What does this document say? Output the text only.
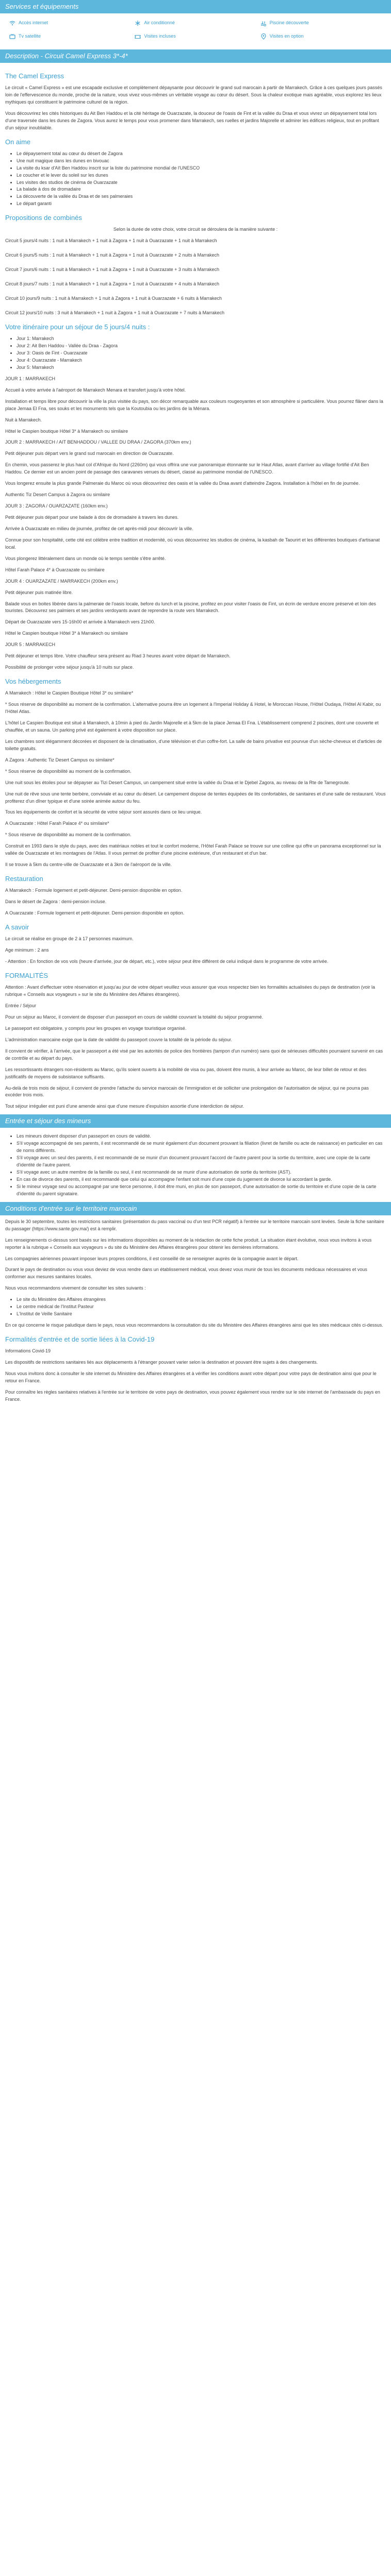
Services et équipements
Accès internet	Air conditionné	Piscine découverte
Tv satellite	Visites incluses	Visites en option
Description - Circuit Camel Express 3*-4*
The Camel Express

Le circuit « Camel Express » est une escapade exclusive et complètement dépaysante pour découvrir le grand sud marocain à partir de Marrakech. Grâce à ces quelques jours passés loin de l'effervescence du monde, proche de la nature, vous vivez vous-mêmes un véritable voyage au cœur du désert. Sous la chaleur exotique mais agréable, vous explorez les lieux mythiques qui constituent le patrimoine culturel de la région.

Vous découvrirez les cités historiques du Ait Ben Haddou et la cité héritage de Ouarzazate, la douceur de l'oasis de Fint et la vallée du Draa et vous vivrez un dépaysement total lors d'une traversée dans les dunes de Zagora. Vous aurez le temps pour vous promener dans Marrakech, ses ruelles et jardins Majorelle et admirer les édifices religieux, tout en profitant d'un séjour inoubliable.

On aime
• Le dépaysement total au cœur du désert de Zagora
• Une nuit magique dans les dunes en bivouac
• La visite du ksar d'Aït Ben Haddou inscrit sur la liste du patrimoine mondial de l'UNESCO
• Le coucher et le lever du soleil sur les dunes
• Les visites des studios de cinéma de Ouarzazate
• La balade à dos de dromadaire
• La découverte de la vallée du Draa et de ses palmeraies
• Le départ garanti
Propositions de combinés

Selon la durée de votre choix, votre circuit se déroulera de la manière suivante :

Circuit 5 jours/4 nuits : 1 nuit à Marrakech + 1 nuit à Zagora + 1 nuit à Ouarzazate + 1 nuit à Marrakech

Circuit 6 jours/5 nuits : 1 nuit à Marrakech + 1 nuit à Zagora + 1 nuit à Ouarzazate + 2 nuits à Marrakech

Circuit 7 jours/6 nuits : 1 nuit à Marrakech + 1 nuit à Zagora + 1 nuit à Ouarzazate + 3 nuits à Marrakech

Circuit 8 jours/7 nuits : 1 nuit à Marrakech + 1 nuit à Zagora + 1 nuit à Ouarzazate + 4 nuits à Marrakech

Circuit 10 jours/9 nuits : 1 nuit à Marrakech + 1 nuit à Zagora + 1 nuit à Ouarzazate + 6 nuits à Marrakech

Circuit 12 jours/10 nuits : 3 nuit à Marrakech + 1 nuit à Zagora + 1 nuit à Ouarzazate + 7 nuits à Marrakech

Votre itinéraire pour un séjour de 5 jours/4 nuits :
• Jour 1: Marrakech
• Jour 2: Ait Ben Haddou - Vallée du Draa - Zagora
• Jour 3: Oasis de Fint - Ouarzazate
• Jour 4: Ouarzazate - Marrakech
• Jour 5: Marrakech

JOUR 1 : MARRAKECH

Accueil à votre arrivée à l'aéroport de Marrakech Menara et transfert jusqu'à votre hôtel.

Installation et temps libre pour découvrir la ville la plus visitée du pays, son décor remarquable aux couleurs rougeoyantes et son atmosphère si particulière. Vous pourrez flâner dans la place Jemaa El Fna, ses souks et les monuments tels que la Koutoubia ou les jardins de la Ménara.

Nuit à Marrakech.

Hôtel le Caspien boutique Hôtel 3* à Marrakech ou similaire

JOUR 2 : MARRAKECH / AIT BENHADDOU / VALLEE DU DRAA / ZAGORA (370km env.)

Petit déjeuner puis départ vers le grand sud marocain en direction de Ouarzazate.

En chemin, vous passerez le plus haut col d'Afrique du Nord (2260m) qui vous offrira une vue panoramique étonnante sur le Haut Atlas, avant d'arriver au village fortifié d'Ait Ben Haddou. Ce dernier est un ancien point de passage des caravanes venues du désert, classé au patrimoine mondial de l'UNESCO.

Vous longerez ensuite la plus grande Palmeraie du Maroc où vous découvrirez des oasis et la vallée du Draa avant d'atteindre Zagora. Installation à l'hôtel en fin de journée.

Authentic Tiz Desert Campus à Zagora ou similaire

JOUR 3 : ZAGORA / OUARZAZATE (160km env.)

Petit déjeuner puis départ pour une balade à dos de dromadaire à travers les dunes.

Arrivée à Ouarzazate en milieu de journée, profitez de cet après-midi pour découvrir la ville.

Connue pour son hospitalité, cette cité est célèbre entre tradition et modernité, où vous découvrirez les studios de cinéma, la kasbah de Taourirt et les différentes boutiques d'artisanat local.

Vous plongerez littéralement dans un monde où le temps semble s'être arrêté.

Hôtel Farah Palace 4* à Ouarzazate ou similaire

JOUR 4 : OUARZAZATE / MARRAKECH (200km env.)

Petit déjeuner puis matinée libre.

Balade vous en boites libérée dans la palmeraie de l'oasis locale, before du lunch et la piscine, profitez en pour visiter l'oasis de Fint, un écrin de verdure encore préservé et loin des touristes. Découvrez ses palmiers et ses jardins verdoyants avant de reprendre la route vers Marrakech.

Départ de Ouarzazate vers 15-16h00 et arrivée à Marrakech vers 21h00.

Hôtel le Caspien boutique Hôtel 3* à Marrakech ou similaire

JOUR 5 : MARRAKECH

Petit déjeuner et temps libre. Votre chauffeur sera présent au Riad 3 heures avant votre départ de Marrakech.

Possibilité de prolonger votre séjour jusqu'à 10 nuits sur place.

Vos hébergements

A Marrakech : Hôtel le Caspien Boutique Hôtel 3* ou similaire*

* Sous réserve de disponibilité au moment de la confirmation. L'alternative pourra être un logement à l'Imperial Holiday & Hotel, le Moroccan House, l'Hôtel Oudaya, l'Hôtel Al Kabir, ou l'Hôtel Atlas.

L'hôtel Le Caspien Boutique est situé à Marrakech, à 10min à pied du Jardin Majorelle et à 5km de la place Jemaa El Fna. L'établissement comprend 2 piscines, dont une couverte et chauffée, et un sauna. Un parking privé est également à votre disposition sur place.

Les chambres sont élégamment décorées et disposent de la climatisation, d'une télévision et d'un coffre-fort. La salle de bains privative est pourvue d'un sèche-cheveux et d'articles de toilette gratuits.

A Zagora : Authentic Tiz Desert Campus ou similaire*

* Sous réserve de disponibilité au moment de la confirmation.

Une nuit sous les étoiles pour se dépayser au Tizi Desert Campus, un campement situé entre la vallée du Draa et le Djebel Zagora, au niveau de la Rte de Tamegroute.

Une nuit de rêve sous une tente berbère, conviviale et au cœur du désert. Le campement dispose de tentes équipées de lits confortables, de sanitaires et d'une salle de restaurant. Vous profiterez d'un dîner typique et d'une soirée animée autour du feu.

Tous les équipements de confort et la sécurité de votre séjour sont assurés dans ce lieu unique.

A Ouarzazate : Hôtel Farah Palace 4* ou similaire*

* Sous réserve de disponibilité au moment de la confirmation.

Construit en 1993 dans le style du pays, avec des matériaux nobles et tout le confort moderne, l'Hôtel Farah Palace se trouve sur une colline qui offre un panorama exceptionnel sur la vallée de Ouarzazate et les montagnes de l'Atlas. Il vous permet de profiter d'une piscine extérieure, d'un restaurant et d'un bar.

Il se trouve à 5km du centre-ville de Ouarzazate et à 3km de l'aéroport de la ville.

Restauration

A Marrakech : Formule logement et petit-déjeuner. Demi-pension disponible en option.

Dans le désert de Zagora : demi-pension incluse.

A Ouarzazate : Formule logement et petit-déjeuner. Demi-pension disponible en option.

A savoir

Le circuit se réalise en groupe de 2 à 17 personnes maximum.

Age minimum : 2 ans

- Attention : En fonction de vos vols (heure d'arrivée, jour de départ, etc.), votre séjour peut être différent de celui indiqué dans le programme de votre arrivée.

FORMALITÉS

Attention : Avant d'effectuer votre réservation et jusqu'au jour de votre départ veuillez vous assurer que vous respectez bien les formalités actualisées du pays de destination (voir la rubrique « Conseils aux voyageurs » sur le site du Ministère des Affaires étrangères).

Entrée / Séjour

Pour un séjour au Maroc, il convient de disposer d'un passeport en cours de validité couvrant la totalité du séjour programmé.

Le passeport est obligatoire, y compris pour les groupes en voyage touristique organisé.

L'administration marocaine exige que la date de validité du passeport couvre la totalité de la période du séjour.

Il convient de vérifier, à l'arrivée, que le passeport a été visé par les autorités de police des frontières (tampon d'un numéro) sans quoi de sérieuses difficultés pourraient survenir en cas de contrôle et au départ du pays.

Les ressortissants étrangers non-résidents au Maroc, qu'ils soient ouverts à la mobilité de visa ou pas, doivent être munis, à leur arrivée au Maroc, de leur billet de retour et des justificatifs de moyens de subsistance suffisants.

Au-delà de trois mois de séjour, il convient de prendre l'attache du service marocain de l'immigration et de solliciter une prolongation de l'autorisation de séjour, qui ne pourra pas excéder trois mois.

Tout séjour irrégulier est puni d'une amende ainsi que d'une mesure d'expulsion assortie d'une interdiction de séjour.

Entrée et séjour des mineurs
• Les mineurs doivent disposer d'un passeport en cours de validité.
• S'il voyage accompagné de ses parents, il est recommandé de se munir également d'un document prouvant la filiation (livret de famille ou acte de naissance) en particulier en cas de noms différents.
• S'il voyage avec un seul des parents, il est recommandé de se munir d'un document prouvant l'accord de l'autre parent pour la sortie du territoire, avec une copie de la carte d'identité de l'autre parent.
• S'il voyage avec un autre membre de la famille ou seul, il est recommandé de se munir d'une autorisation de sortie du territoire (AST).
• En cas de divorce des parents, il est recommandé que celui qui accompagne l'enfant soit muni d'une copie du jugement de divorce lui accordant la garde.
• Si le mineur voyage seul ou accompagné par une tierce personne, il doit être muni, en plus de son passeport, d'une autorisation de sortie du territoire et d'une copie de la carte d'identité du parent signataire.
Conditions d'entrée sur le territoire marocain

Depuis le 30 septembre, toutes les restrictions sanitaires (présentation du pass vaccinal ou d'un test PCR négatif) à l'entrée sur le territoire marocain sont levées. Seule la fiche sanitaire du passager (https://www.sante.gov.ma/) est à remplir.

Les renseignements ci-dessus sont basés sur les informations disponibles au moment de la rédaction de cette fiche produit. La situation étant évolutive, nous vous invitons à vous reporter à la rubrique « Conseils aux voyageurs » du site du Ministère des Affaires étrangères pour obtenir les dernières informations.

Les compagnies aériennes pouvant imposer leurs propres conditions, il est conseillé de se renseigner auprès de la compagnie avant le départ.

Durant le pays de destination ou vous vous deviez de vous rendre dans un établissement médical, vous devez vous munir de tous les documents médicaux nécessaires et vous conformer aux mesures sanitaires locales.

Nous vous recommandons vivement de consulter les sites suivants :

• Le site du Ministère des Affaires étrangères
• Le centre médical de l'Institut Pasteur
• L'Institut de Veille Sanitaire

En ce qui concerne le risque paludique dans le pays, nous vous recommandons la consultation du site du Ministère des Affaires étrangères ainsi que les sites médicaux cités ci-dessus.

Formalités d'entrée et de sortie liées à la Covid-19

Informations Covid-19

Les dispositifs de restrictions sanitaires liés aux déplacements à l'étranger pouvant varier selon la destination et pouvant être sujets à des changements.

Nous vous invitons donc à consulter le site internet du Ministère des Affaires étrangères et à vérifier les conditions avant votre départ pour votre pays de destination ainsi que pour le retour en France.

Pour connaître les règles sanitaires relatives à l'entrée sur le territoire de votre pays de destination, vous pouvez également vous rendre sur le site internet de l'ambassade du pays en France.
